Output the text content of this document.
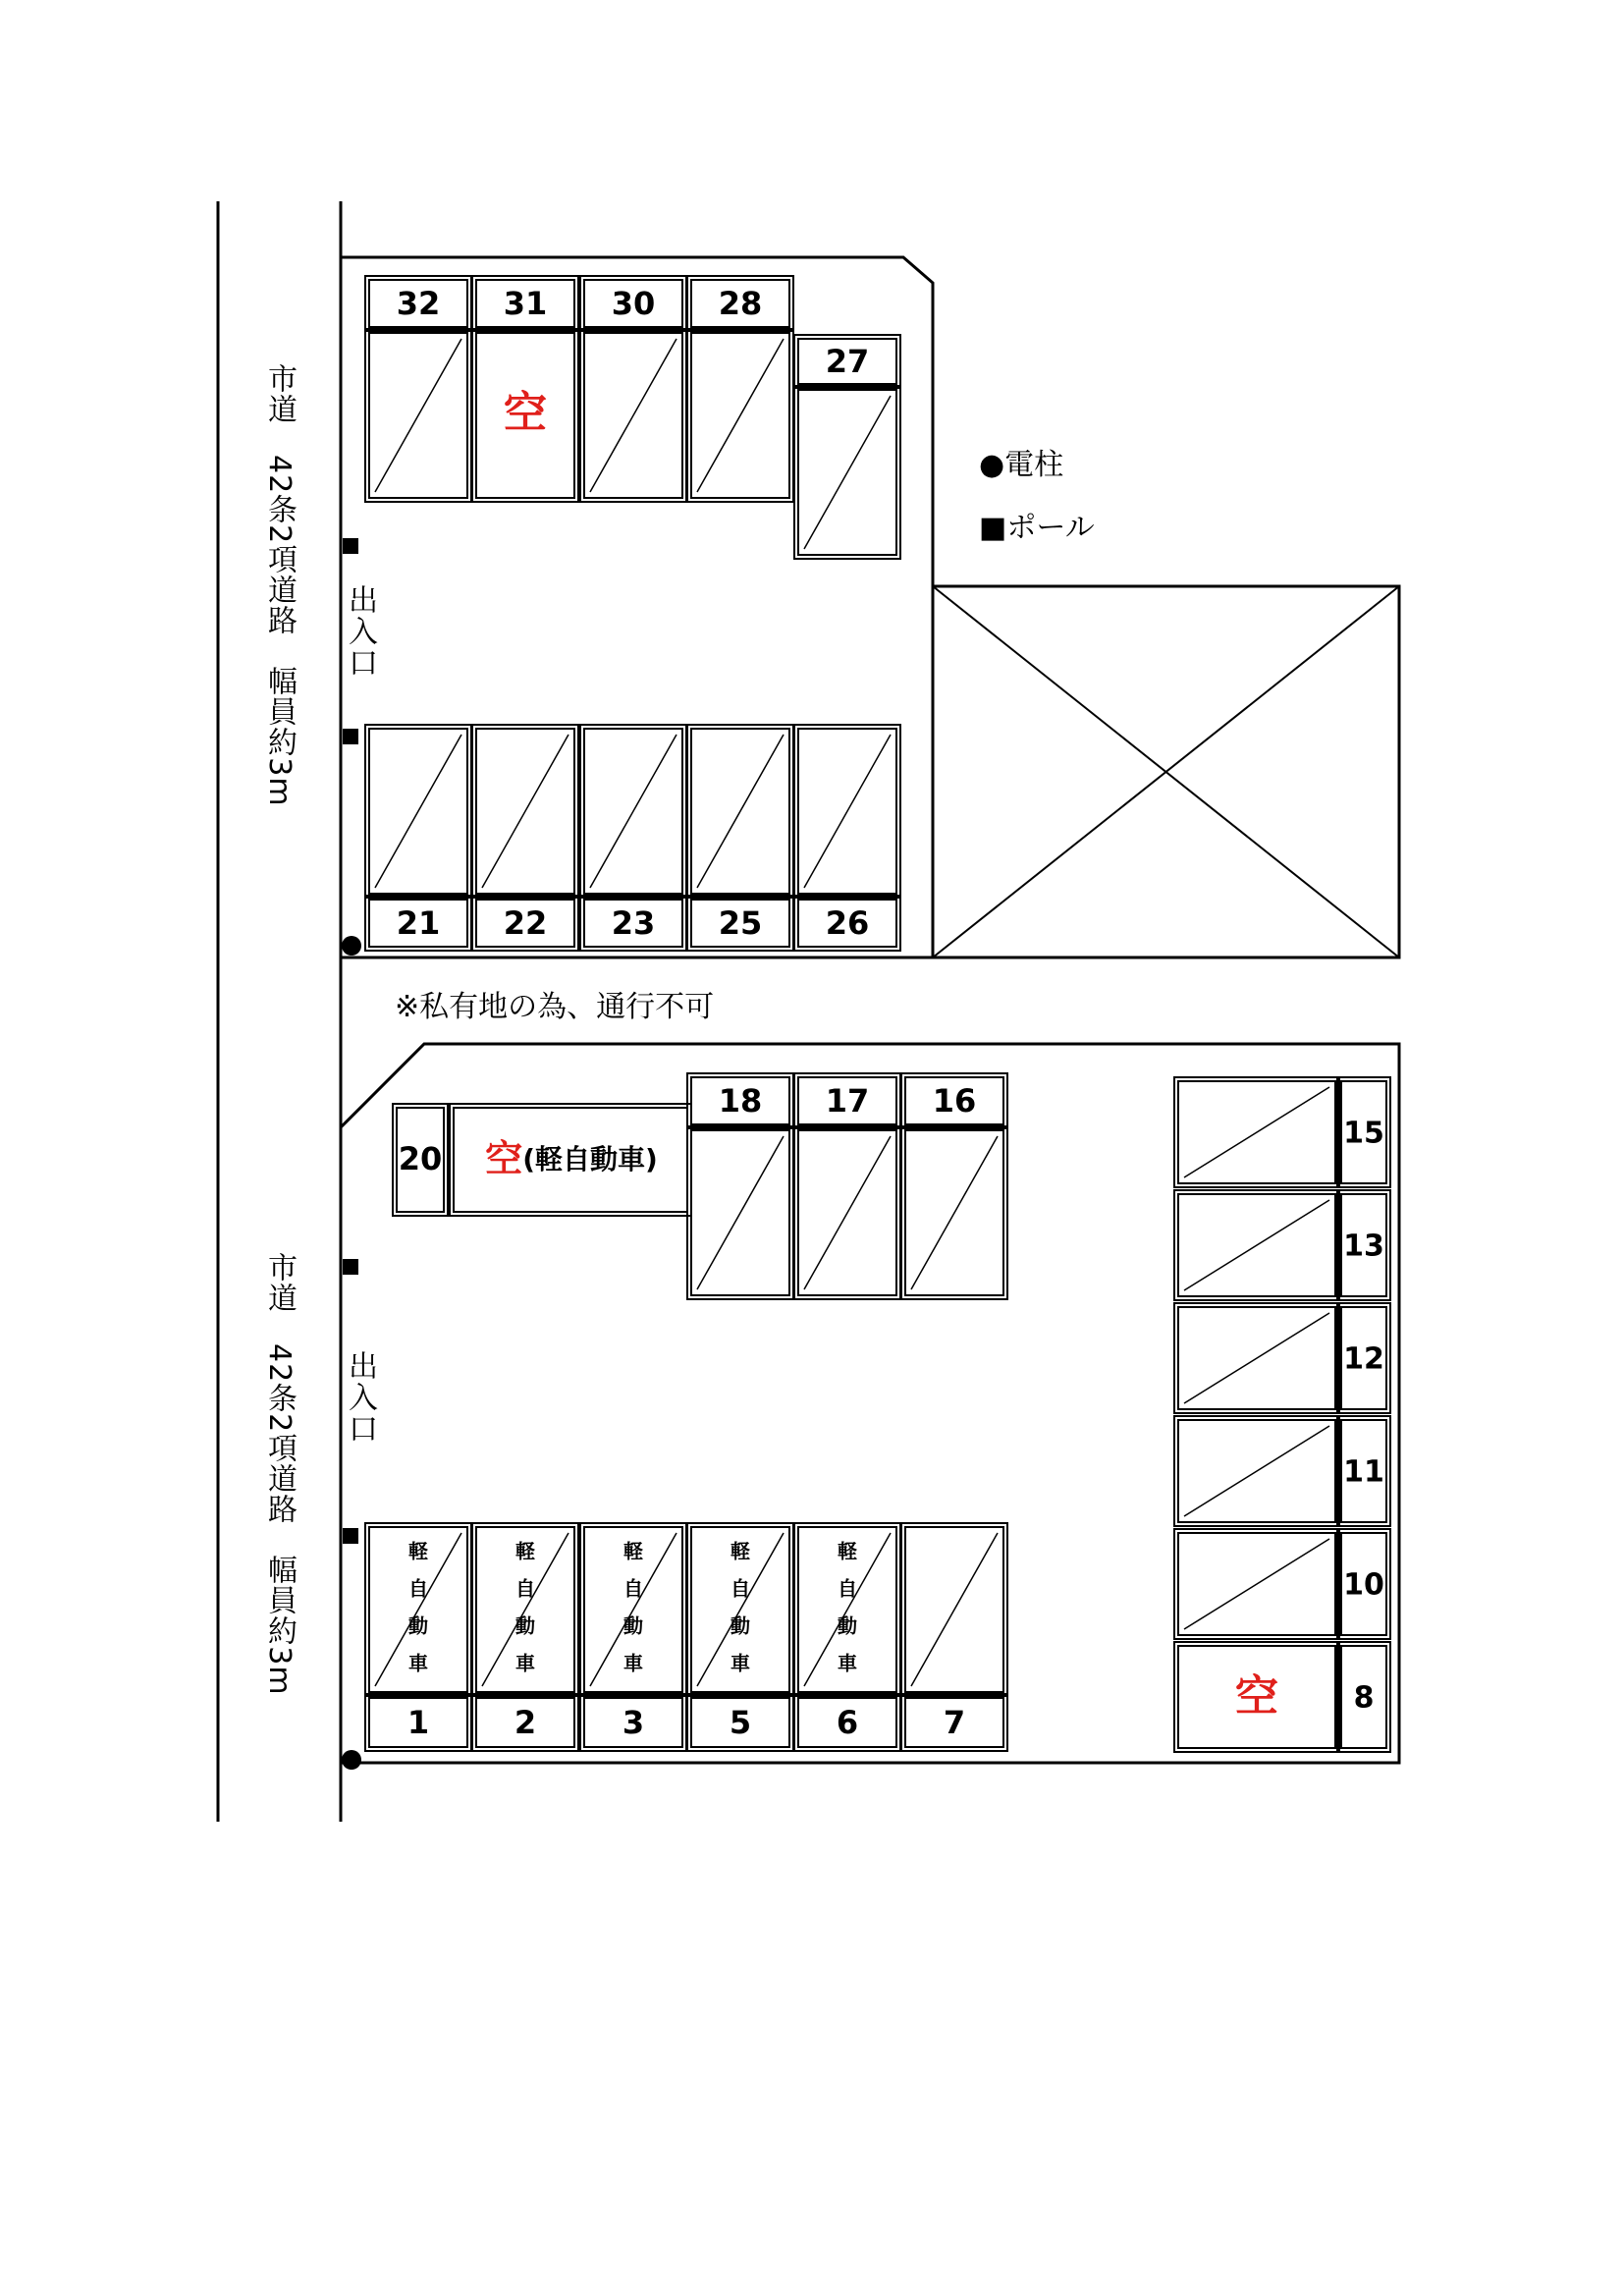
32 31
空
30 28
27
21 22 23 25 26
18 17 16
1
軽
自
動
車
2
軽
自
動
車
3
軽
自
動
車
5
軽
自
動
車
6
軽
自
動
車
7
20 空(軽自動車)
15
13
12
11
10
8
空
市道　42条2項道路　幅員約3m
市道　42条2項道路　幅員約3m
出入口
出入口
●電柱
■ポール
※私有地の為、通行不可
